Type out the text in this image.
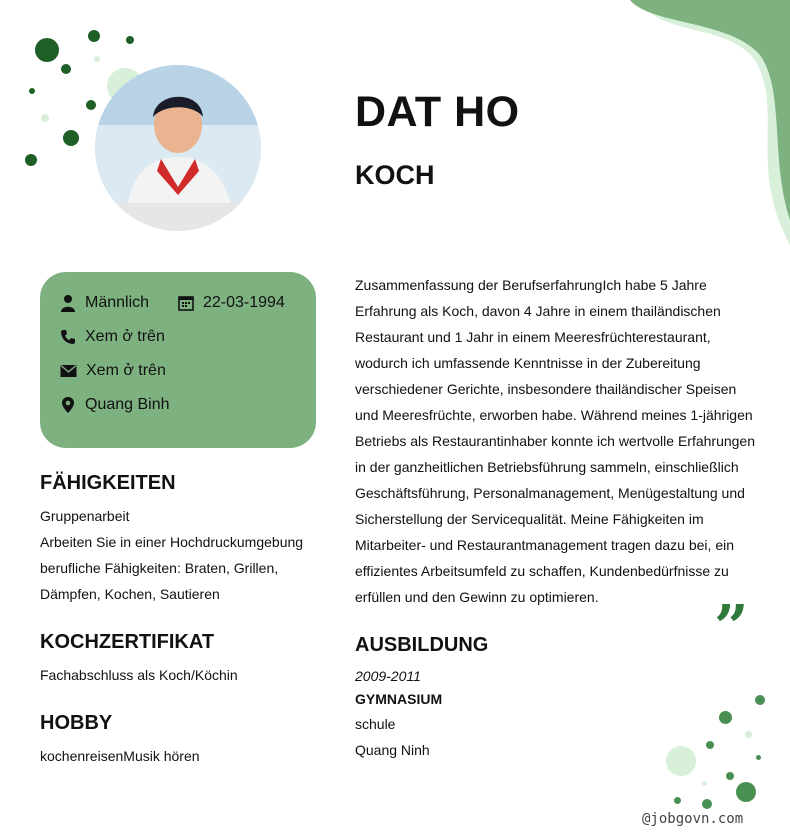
DAT HO
KOCH
Männlich	22-03-1994
Xem ở trên
Xem ở trên
Quang Binh
FÄHIGKEITEN
Gruppenarbeit
Arbeiten Sie in einer Hochdruckumgebung
berufliche Fähigkeiten: Braten, Grillen,
Dämpfen, Kochen, Sautieren
KOCHZERTIFIKAT
Fachabschluss als Koch/Köchin
HOBBY
kochenreisenMusik hören
Zusammenfassung der BerufserfahrungIch habe 5 Jahre Erfahrung als Koch, davon 4 Jahre in einem thailändischen Restaurant und 1 Jahr in einem Meeresfrüchterestaurant, wodurch ich umfassende Kenntnisse in der Zubereitung verschiedener Gerichte, insbesondere thailändischer Speisen und Meeresfrüchte, erworben habe. Während meines 1-jährigen Betriebs als Restaurantinhaber konnte ich wertvolle Erfahrungen in der ganzheitlichen Betriebsführung sammeln, einschließlich Geschäftsführung, Personalmanagement, Menügestaltung und Sicherstellung der Servicequalität. Meine Fähigkeiten im Mitarbeiter- und Restaurantmanagement tragen dazu bei, ein effizientes Arbeitsumfeld zu schaffen, Kundenbedürfnisse zu erfüllen und den Gewinn zu optimieren.	”
AUSBILDUNG
2009-2011
GYMNASIUM
schule
Quang Ninh
@jobgovn.com
